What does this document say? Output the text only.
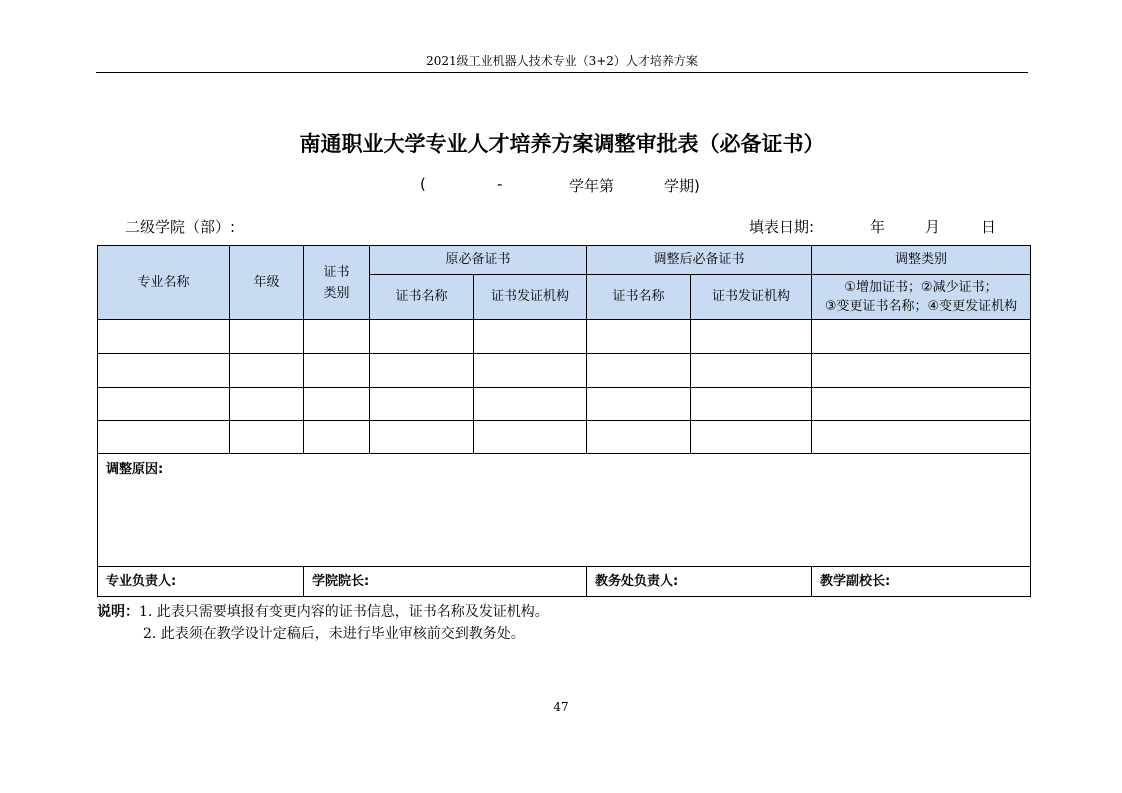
2021级工业机器人技术专业（3+2）人才培养方案
南通职业大学专业人才培养方案调整审批表（必备证书）
(	-	学年第	学期)
二级学院（部）:	填表日期:	年	月	日
专业名称	年级	证书类别	原必备证书		调整后必备证书		调整类别
			证书名称	证书发证机构	证书名称	证书发证机构	①增加证书；②减少证书；
③变更证书名称；④变更发证机构

调整原因:							
专业负责人:		学院院长:			教务处负责人:		教学副校长:
说明：1. 此表只需要填报有变更内容的证书信息，证书名称及发证机构。
2. 此表须在教学设计定稿后，未进行毕业审核前交到教务处。
47
